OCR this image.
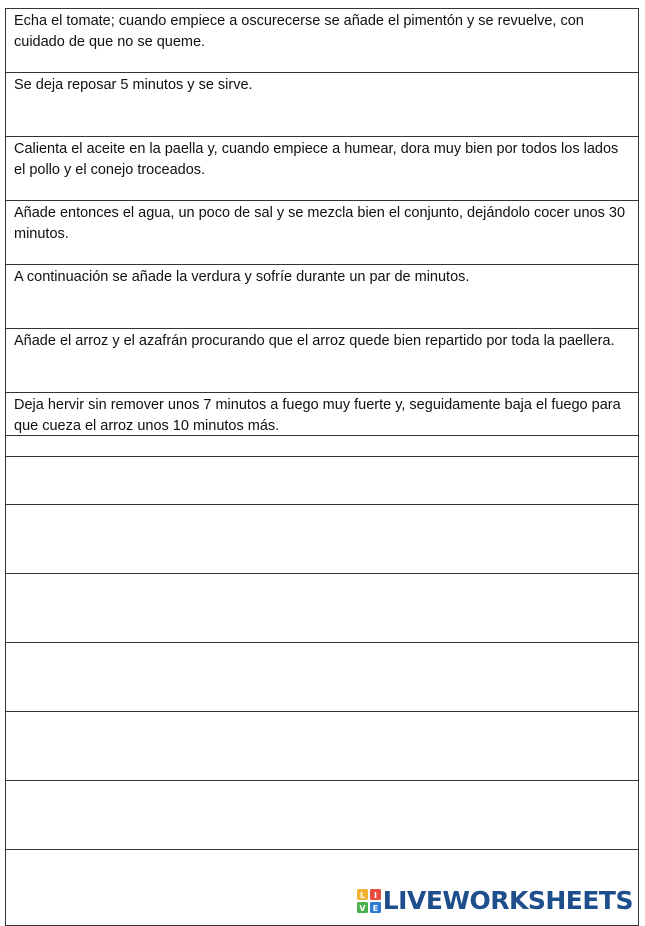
Echa el tomate; cuando empiece a oscurecerse se añade el pimentón y se revuelve, con cuidado de que no se queme.
Se deja reposar 5 minutos y se sirve.
Calienta el aceite en la paella y, cuando empiece a humear, dora muy bien por todos los lados el pollo y el conejo troceados.
Añade entonces el agua, un poco de sal y se mezcla bien el conjunto, dejándolo cocer unos 30 minutos.
A continuación se añade la verdura y sofríe durante un par de minutos.
Añade el arroz y el azafrán procurando que el arroz quede bien repartido por toda la paellera.
Deja hervir sin remover unos 7 minutos a fuego muy fuerte y, seguidamente baja el fuego para que cueza el arroz unos 10 minutos más.

L I
V E LIVEWORKSHEETS
